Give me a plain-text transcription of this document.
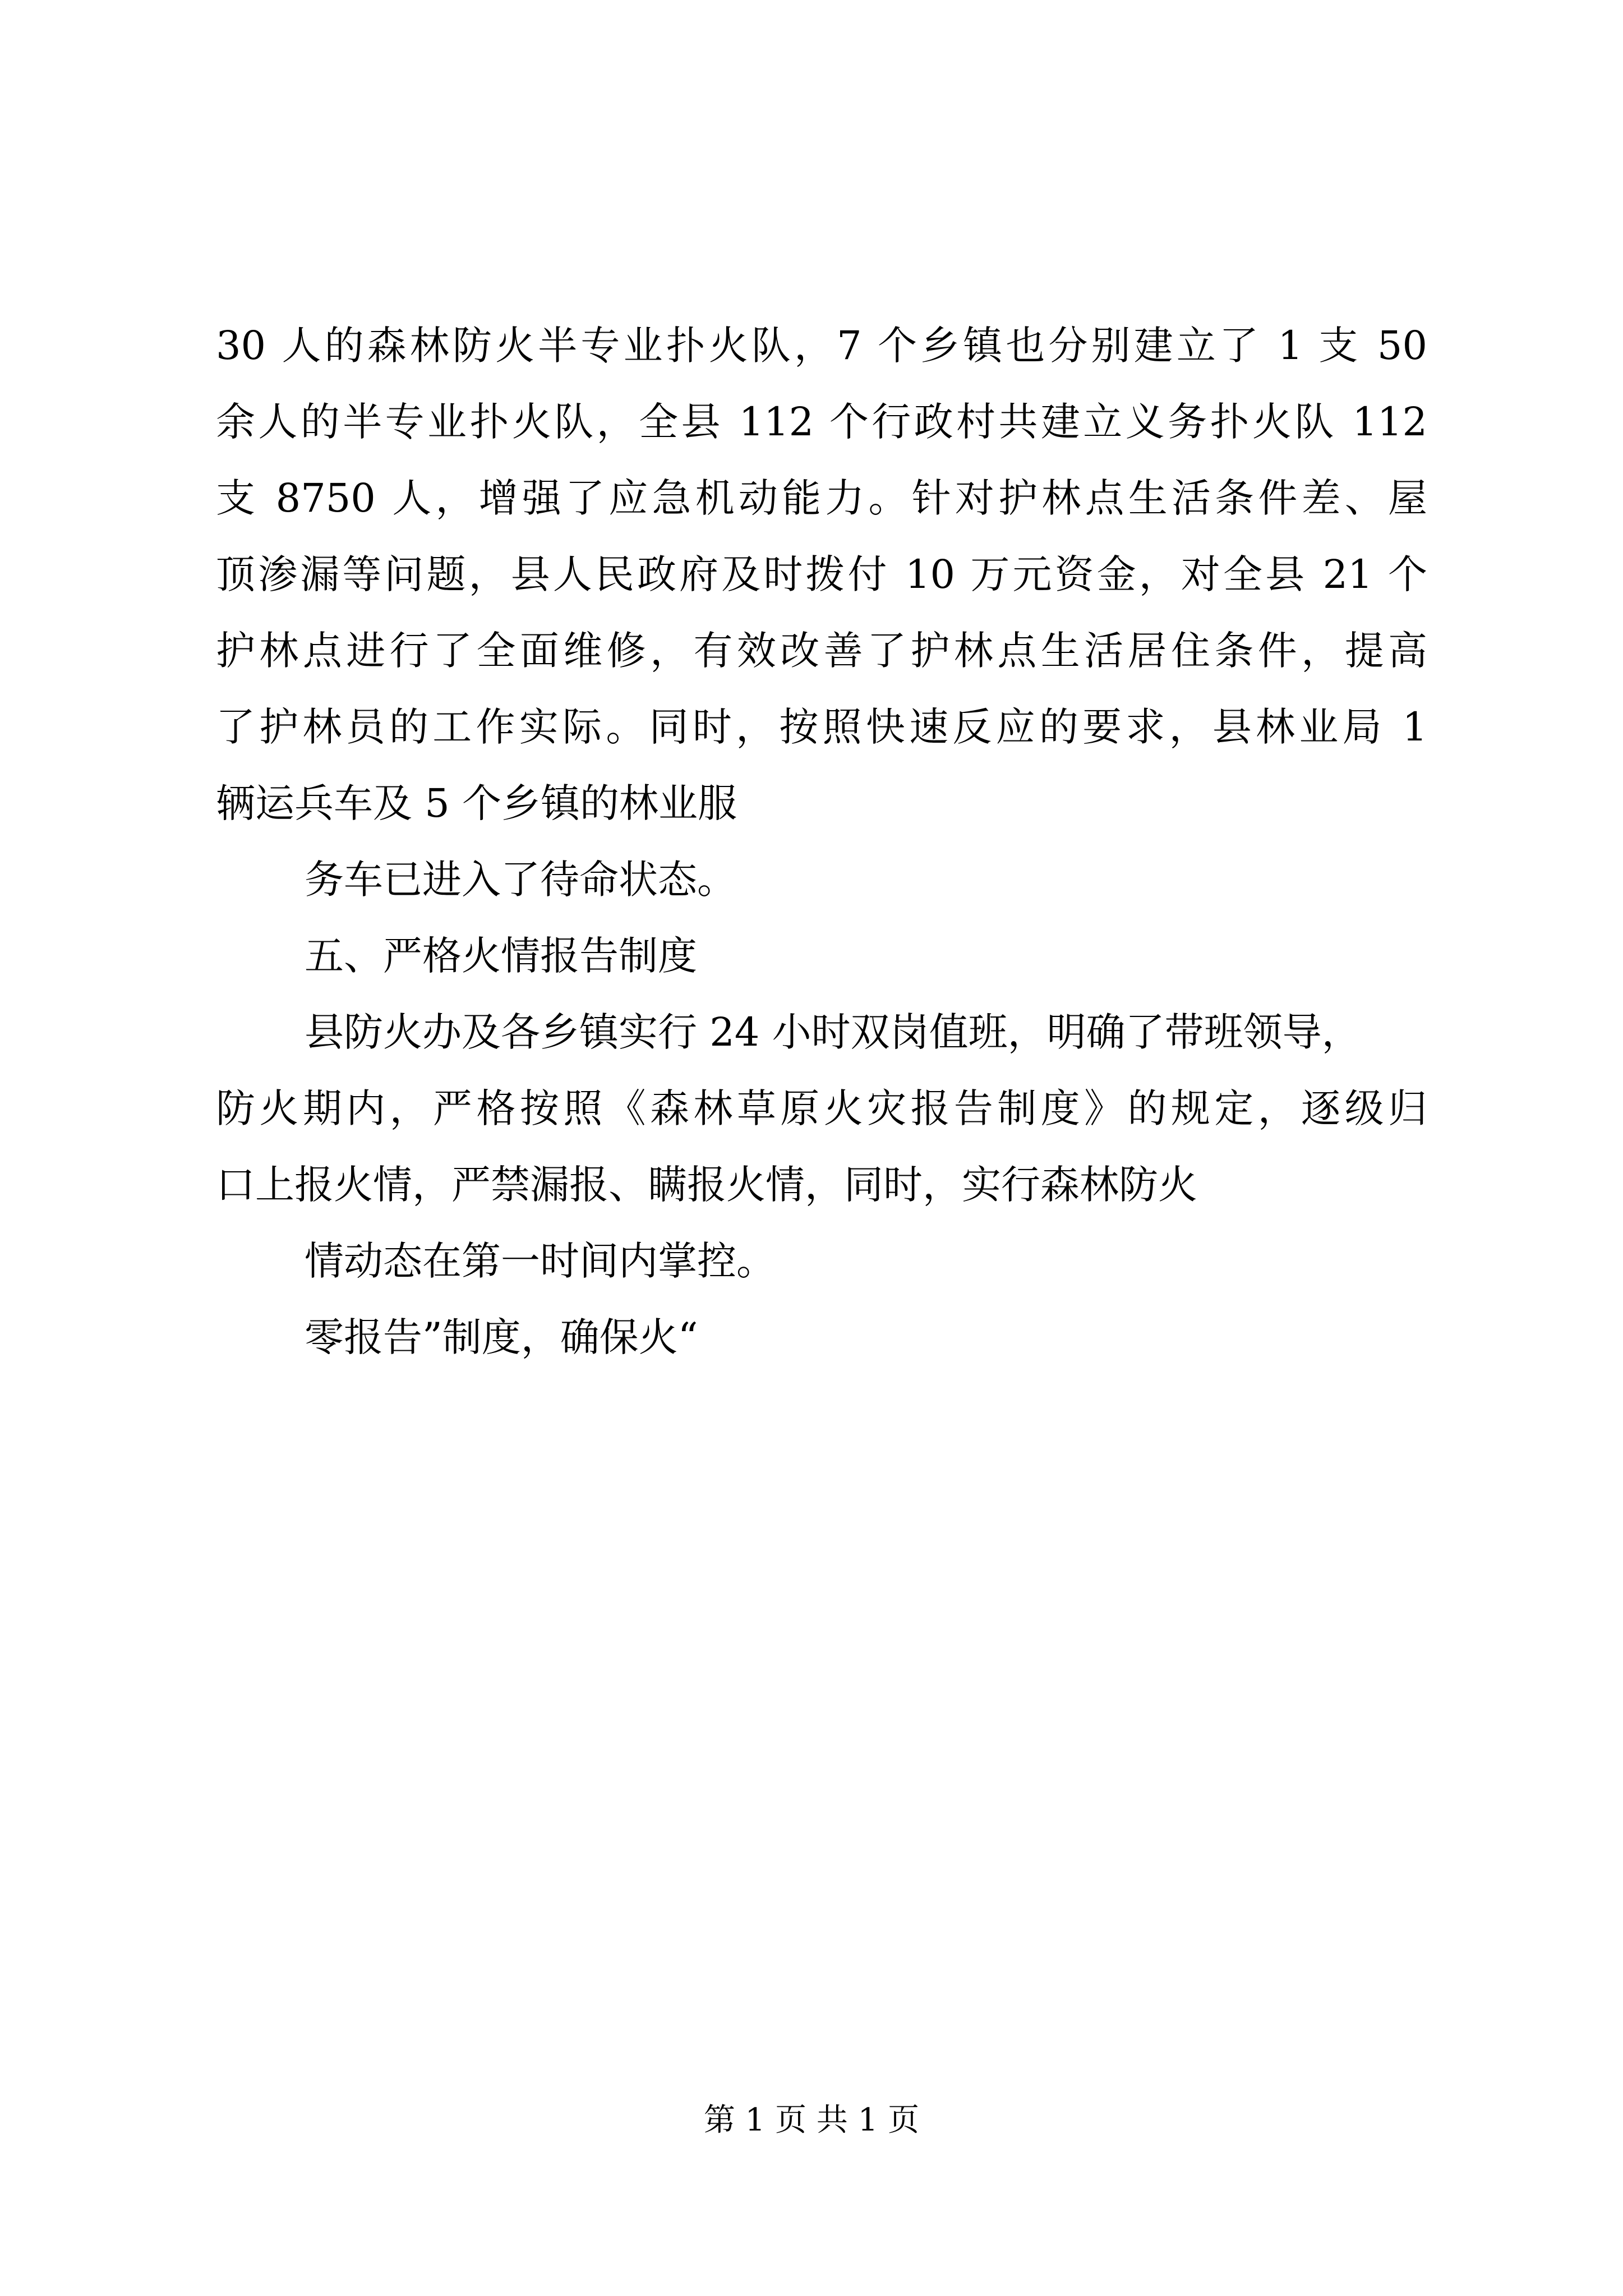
30 人的森林防火半专业扑火队，7 个乡镇也分别建立了 1 支 50
余人的半专业扑火队，全县 112 个行政村共建立义务扑火队 112
支 8750 人，增强了应急机动能力。针对护林点生活条件差、屋
顶渗漏等问题，县人民政府及时拨付 10 万元资金，对全县 21 个
护林点进行了全面维修，有效改善了护林点生活居住条件，提高
了护林员的工作实际。同时，按照快速反应的要求，县林业局 1
辆运兵车及 5 个乡镇的林业服
务车已进入了待命状态。
五、严格火情报告制度
县防火办及各乡镇实行 24 小时双岗值班，明确了带班领导，
防火期内，严格按照《森林草原火灾报告制度》的规定，逐级归
口上报火情，严禁漏报、瞒报火情，同时，实行森林防火
情动态在第一时间内掌控。
零报告”制度，确保火“
第 1 页 共 1 页
